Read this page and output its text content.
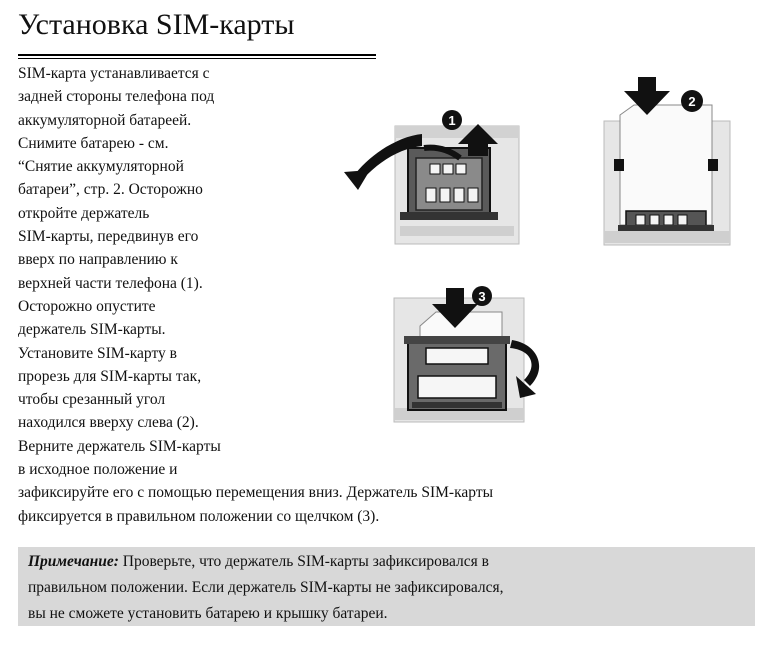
Установка SIM-карты
SIM-карта устанавливается с
задней стороны телефона под
аккумуляторной батареей.
Снимите батарею - см.
“Снятие аккумуляторной
батареи”, стр. 2. Осторожно
откройте держатель
SIM-карты, передвинув его
вверх по направлению к
верхней части телефона (1).
Осторожно опустите
держатель SIM-карты.
Установите SIM-карту в
прорезь для SIM-карты так,
чтобы срезанный угол
находился вверху слева (2).
Верните держатель SIM-карты
в исходное положение и
зафиксируйте его с помощью перемещения вниз. Держатель SIM-карты
фиксируется в правильном положении со щелчком (3).
1
2
3
Примечание: Проверьте, что держатель SIM-карты зафиксировался в
правильном положении. Если держатель SIM-карты не зафиксировался,
вы не сможете установить батарею и крышку батареи.
